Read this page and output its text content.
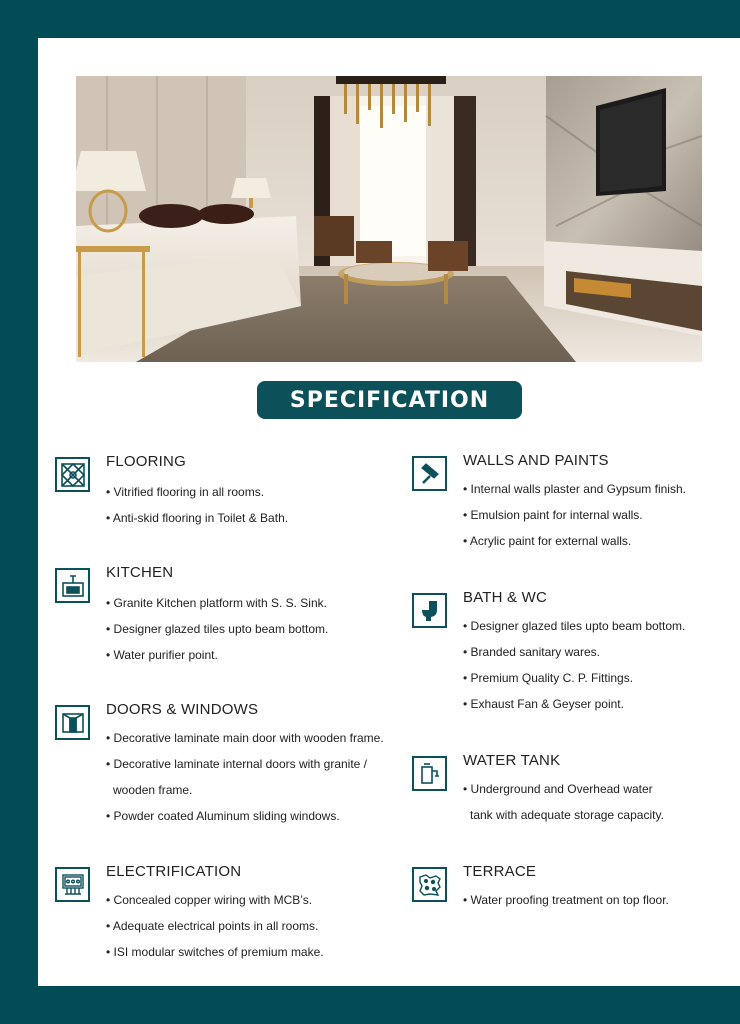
SPECIFICATION
FLOORING
• Vitrified flooring in all rooms.
• Anti-skid flooring in Toilet & Bath.
KITCHEN
• Granite Kitchen platform with S. S. Sink.
• Designer glazed tiles upto beam bottom.
• Water purifier point.
DOORS & WINDOWS
• Decorative laminate main door with wooden frame.
• Decorative laminate internal doors with granite /
wooden frame.
• Powder coated Aluminum sliding windows.
ELECTRIFICATION
• Concealed copper wiring with MCB’s.
• Adequate electrical points in all rooms.
• ISI modular switches of premium make.
WALLS AND PAINTS
• Internal walls plaster and Gypsum finish.
• Emulsion paint for internal walls.
• Acrylic paint for external walls.
BATH & WC
• Designer glazed tiles upto beam bottom.
• Branded sanitary wares.
• Premium Quality C. P. Fittings.
• Exhaust Fan & Geyser point.
WATER TANK
• Underground and Overhead water
tank with adequate storage capacity.
TERRACE
• Water proofing treatment on top floor.
